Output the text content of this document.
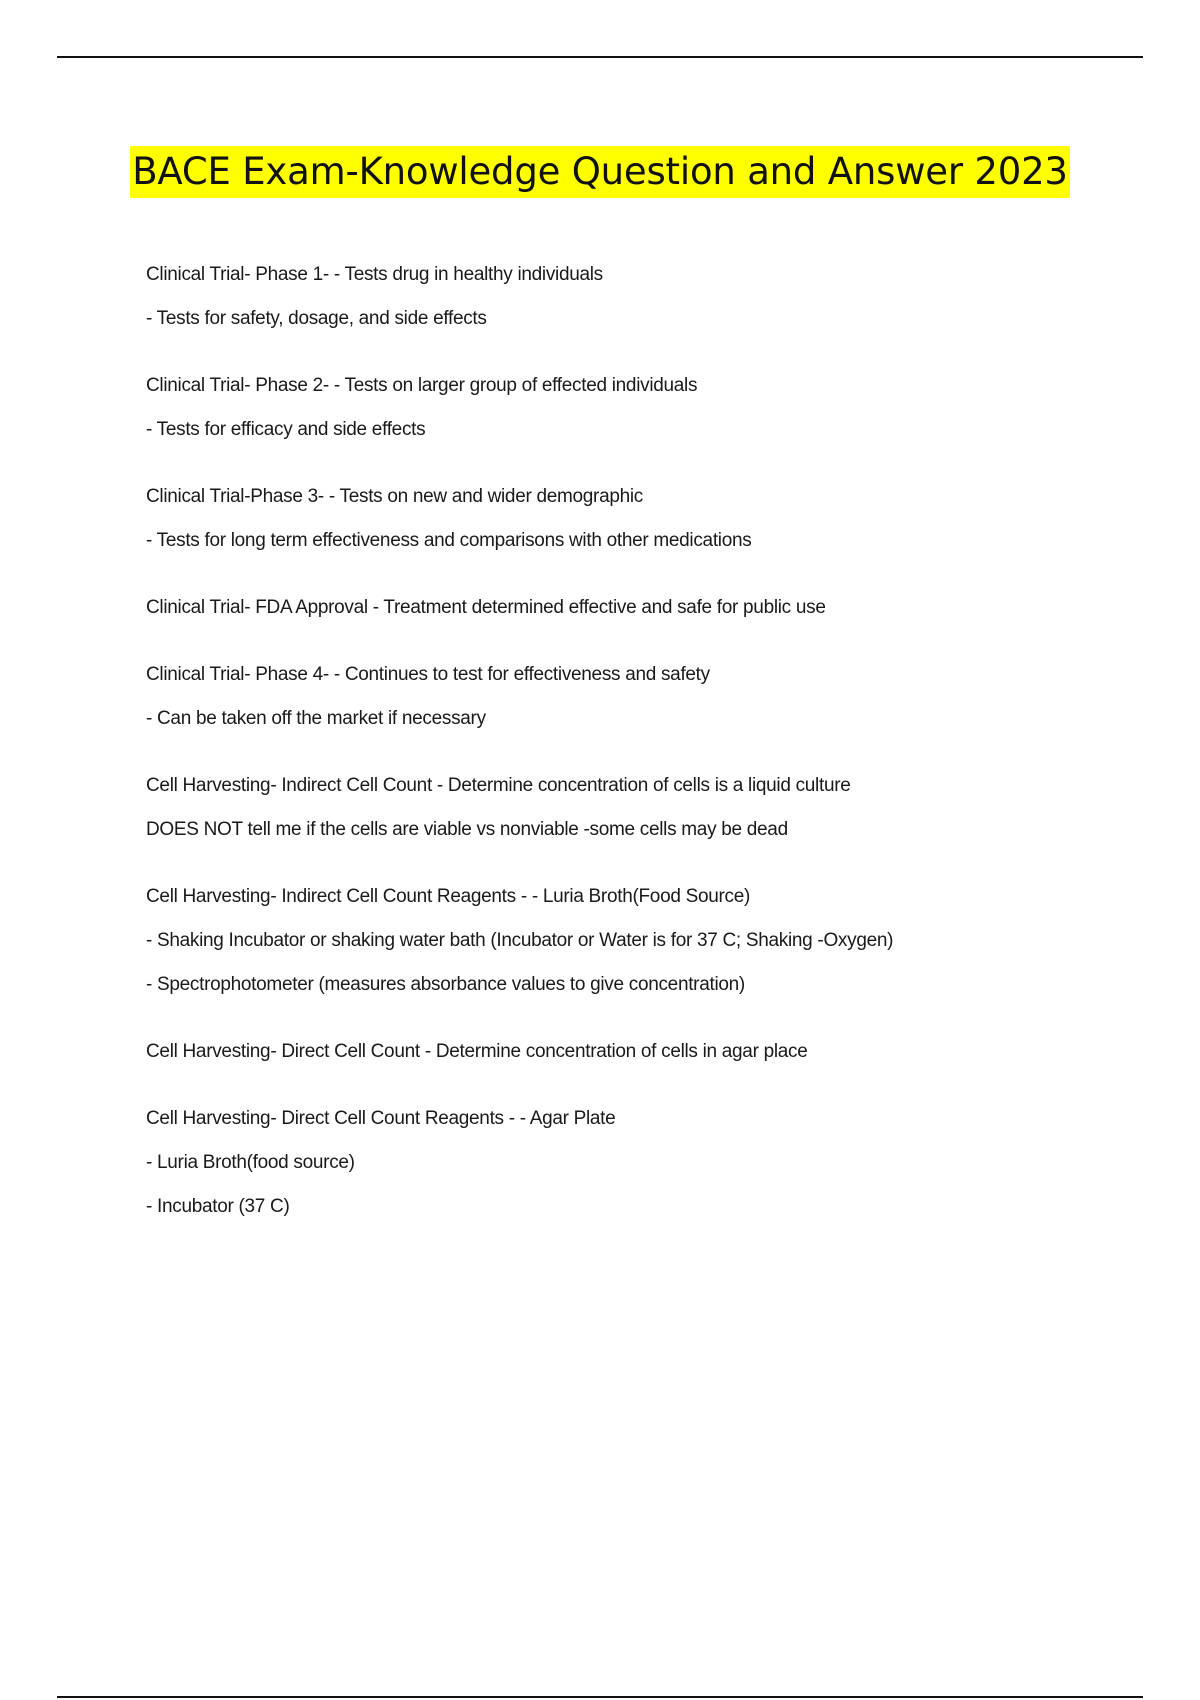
BACE Exam-Knowledge Question and Answer 2023
Clinical Trial- Phase 1- - Tests drug in healthy individuals
- Tests for safety, dosage, and side effects
Clinical Trial- Phase 2- - Tests on larger group of effected individuals
- Tests for efficacy and side effects
Clinical Trial-Phase 3- - Tests on new and wider demographic
- Tests for long term effectiveness and comparisons with other medications
Clinical Trial- FDA Approval - Treatment determined effective and safe for public use
Clinical Trial- Phase 4- - Continues to test for effectiveness and safety
- Can be taken off the market if necessary
Cell Harvesting- Indirect Cell Count - Determine concentration of cells is a liquid culture
DOES NOT tell me if the cells are viable vs nonviable -some cells may be dead
Cell Harvesting- Indirect Cell Count Reagents - - Luria Broth(Food Source)
- Shaking Incubator or shaking water bath (Incubator or Water is for 37 C; Shaking -Oxygen)
- Spectrophotometer (measures absorbance values to give concentration)
Cell Harvesting- Direct Cell Count - Determine concentration of cells in agar place
Cell Harvesting- Direct Cell Count Reagents - - Agar Plate
- Luria Broth(food source)
- Incubator (37 C)
